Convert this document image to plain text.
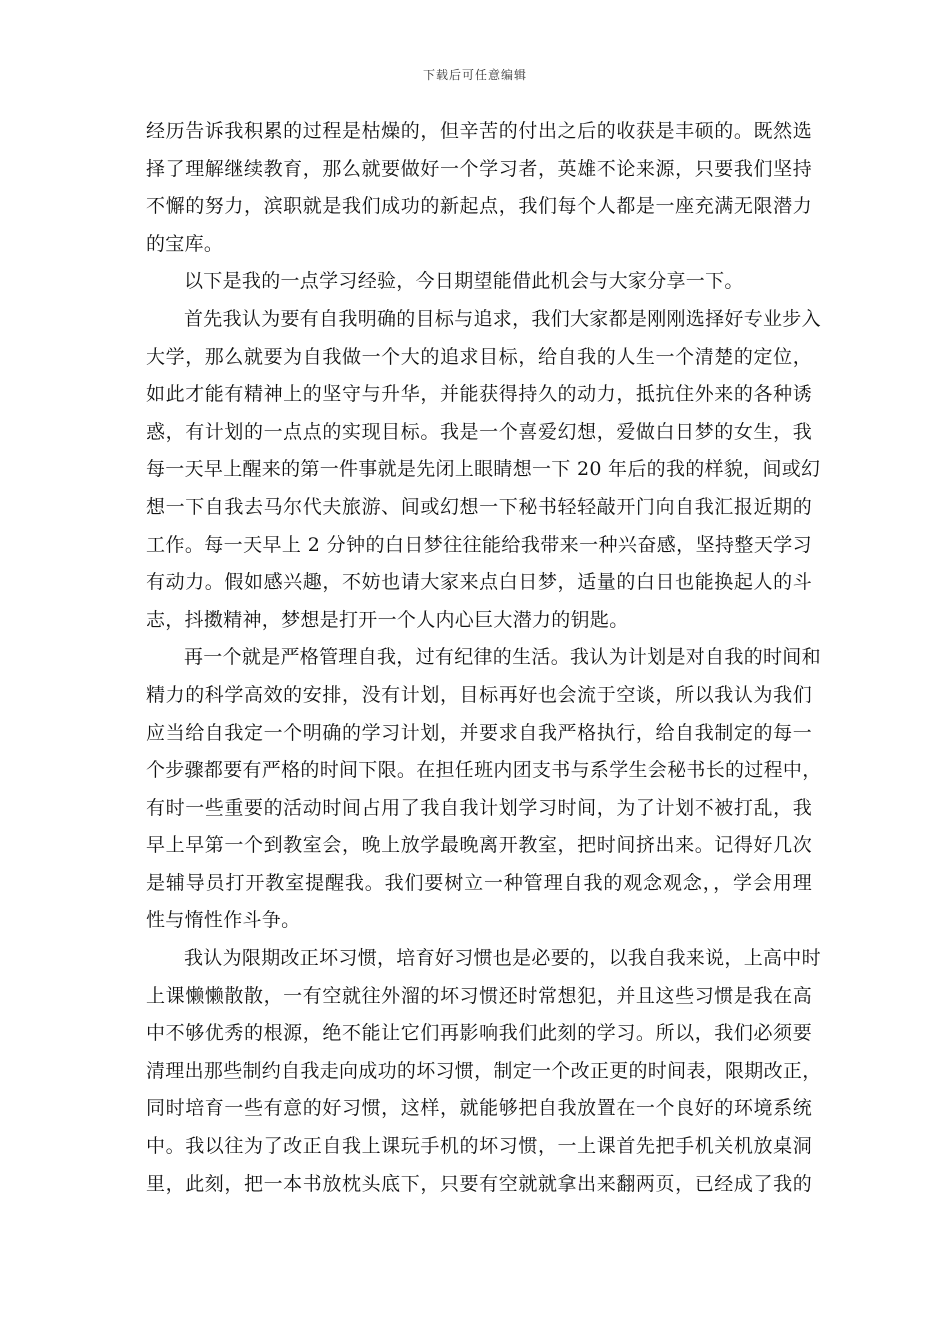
下载后可任意编辑
经历告诉我积累的过程是枯燥的，但辛苦的付出之后的收获是丰硕的。既然选
择了理解继续教育，那么就要做好一个学习者，英雄不论来源，只要我们坚持
不懈的努力，滨职就是我们成功的新起点，我们每个人都是一座充满无限潜力
的宝库。
以下是我的一点学习经验，今日期望能借此机会与大家分享一下。
首先我认为要有自我明确的目标与追求，我们大家都是刚刚选择好专业步入
大学，那么就要为自我做一个大的追求目标，给自我的人生一个清楚的定位，
如此才能有精神上的坚守与升华，并能获得持久的动力，抵抗住外来的各种诱
惑，有计划的一点点的实现目标。我是一个喜爱幻想，爱做白日梦的女生，我
每一天早上醒来的第一件事就是先闭上眼睛想一下 20 年后的我的样貌，间或幻
想一下自我去马尔代夫旅游、间或幻想一下秘书轻轻敲开门向自我汇报近期的
工作。每一天早上 2 分钟的白日梦往往能给我带来一种兴奋感，坚持整天学习
有动力。假如感兴趣，不妨也请大家来点白日梦，适量的白日也能换起人的斗
志，抖擞精神，梦想是打开一个人内心巨大潜力的钥匙。
再一个就是严格管理自我，过有纪律的生活。我认为计划是对自我的时间和
精力的科学高效的安排，没有计划，目标再好也会流于空谈，所以我认为我们
应当给自我定一个明确的学习计划，并要求自我严格执行，给自我制定的每一
个步骤都要有严格的时间下限。在担任班内团支书与系学生会秘书长的过程中，
有时一些重要的活动时间占用了我自我计划学习时间，为了计划不被打乱，我
早上早第一个到教室会，晚上放学最晚离开教室，把时间挤出来。记得好几次
是辅导员打开教室提醒我。我们要树立一种管理自我的观念观念，，学会用理
性与惰性作斗争。
我认为限期改正坏习惯，培育好习惯也是必要的，以我自我来说，上高中时
上课懒懒散散，一有空就往外溜的坏习惯还时常想犯，并且这些习惯是我在高
中不够优秀的根源，绝不能让它们再影响我们此刻的学习。所以，我们必须要
清理出那些制约自我走向成功的坏习惯，制定一个改正更的时间表，限期改正，
同时培育一些有意的好习惯，这样，就能够把自我放置在一个良好的环境系统
中。我以往为了改正自我上课玩手机的坏习惯，一上课首先把手机关机放桌洞
里，此刻，把一本书放枕头底下，只要有空就就拿出来翻两页，已经成了我的
